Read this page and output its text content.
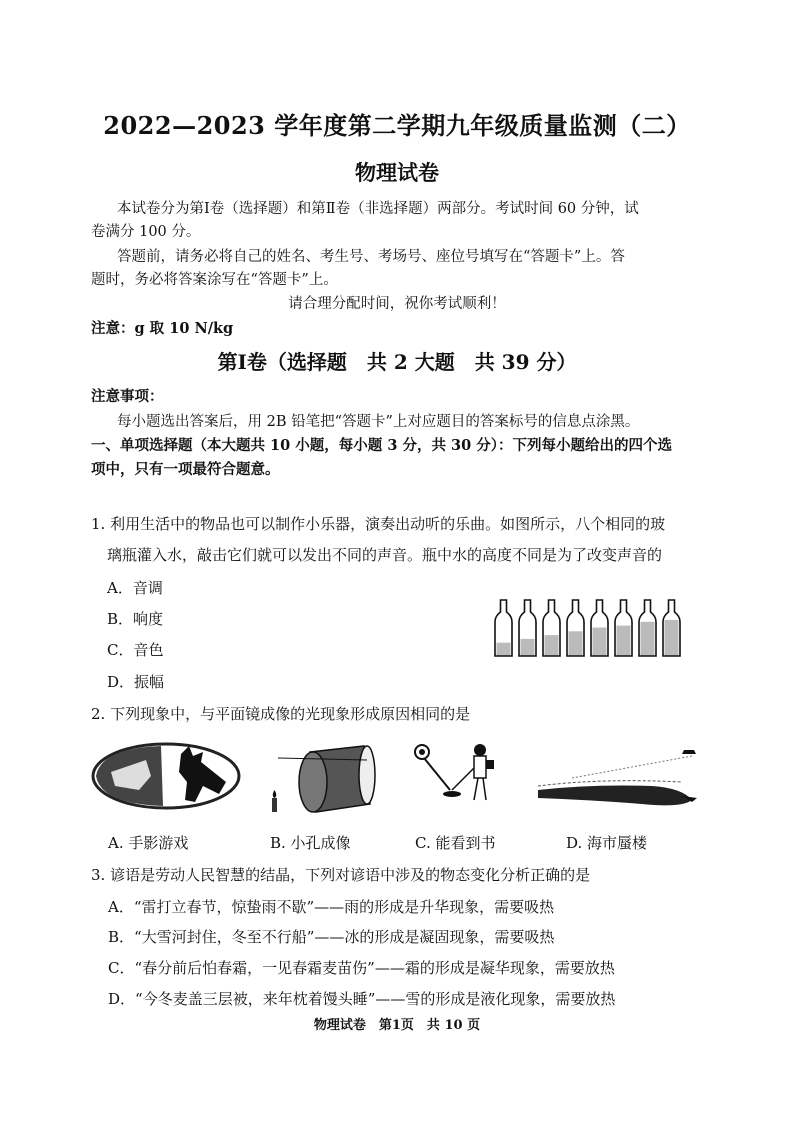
2022—2023 学年度第二学期九年级质量监测（二）
物理试卷
本试卷分为第Ⅰ卷（选择题）和第Ⅱ卷（非选择题）两部分。考试时间 60 分钟，试
卷满分 100 分。
答题前，请务必将自己的姓名、考生号、考场号、座位号填写在“答题卡”上。答
题时，务必将答案涂写在“答题卡”上。
请合理分配时间，祝你考试顺利！
注意：g 取 10 N/kg
第Ⅰ卷（选择题　共 2 大题　共 39 分）
注意事项：
每小题选出答案后，用 2B 铅笔把“答题卡”上对应题目的答案标号的信息点涂黑。
一、单项选择题（本大题共 10 小题，每小题 3 分，共 30 分）：下列每小题给出的四个选
项中，只有一项最符合题意。
1. 利用生活中的物品也可以制作小乐器，演奏出动听的乐曲。如图所示，八个相同的玻
璃瓶灌入水，敲击它们就可以发出不同的声音。瓶中水的高度不同是为了改变声音的
A．音调
B．响度
C．音色
D．振幅
2. 下列现象中，与平面镜成像的光现象形成原因相同的是
A. 手影游戏	B. 小孔成像	C. 能看到书	D. 海市蜃楼
3. 谚语是劳动人民智慧的结晶，下列对谚语中涉及的物态变化分析正确的是
A．“雷打立春节，惊蛰雨不歇”——雨的形成是升华现象，需要吸热
B．“大雪河封住，冬至不行船”——冰的形成是凝固现象，需要吸热
C．“春分前后怕春霜，一见春霜麦苗伤”——霜的形成是凝华现象，需要放热
D．“今冬麦盖三层被，来年枕着馒头睡”——雪的形成是液化现象，需要放热
物理试卷　第1页　共 10 页
